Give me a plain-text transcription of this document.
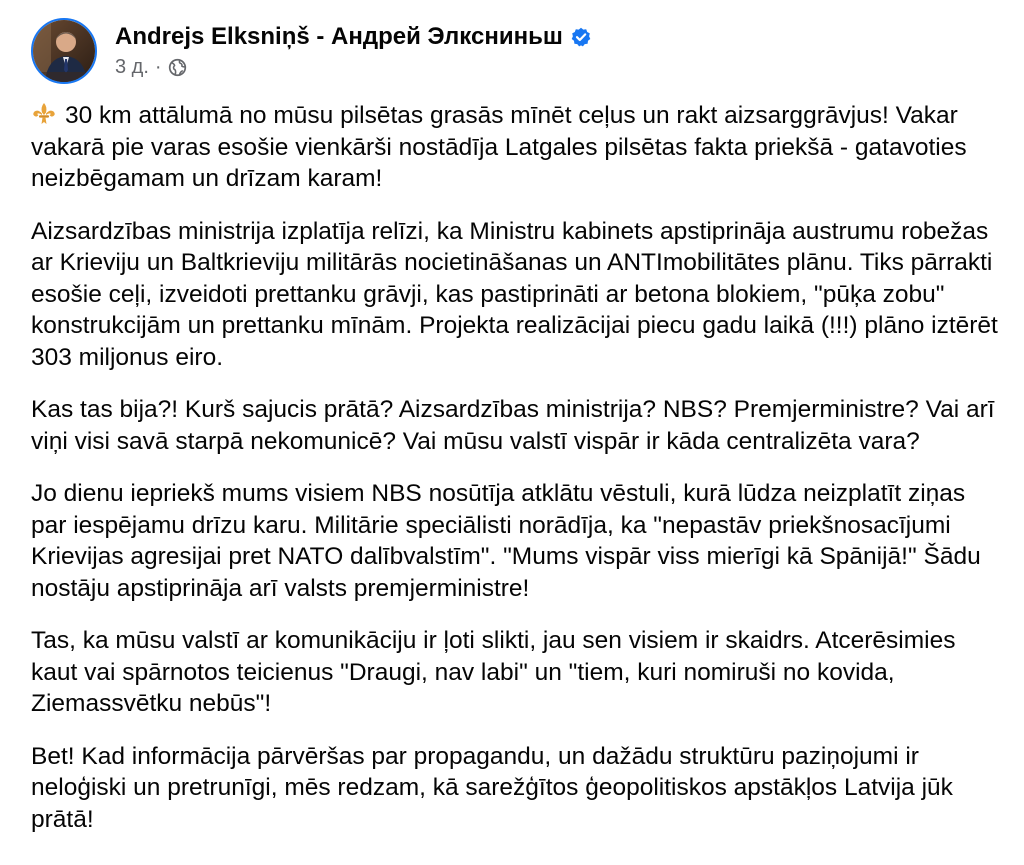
Andrejs Elksniņš - Андрей Элксниньш
3 д. ·

30 km attālumā no mūsu pilsētas grasās mīnēt ceļus un rakt aizsarggrāvjus! Vakar vakarā pie varas esošie vienkārši nostādīja Latgales pilsētas fakta priekšā - gatavoties neizbēgamam un drīzam karam!

Aizsardzības ministrija izplatīja relīzi, ka Ministru kabinets apstiprināja austrumu robežas ar Krieviju un Baltkrieviju militārās nocietināšanas un ANTImobilitātes plānu. Tiks pārrakti esošie ceļi, izveidoti prettanku grāvji, kas pastiprināti ar betona blokiem, "pūķa zobu" konstrukcijām un prettanku mīnām. Projekta realizācijai piecu gadu laikā (!!!) plāno iztērēt 303 miljonus eiro.

Kas tas bija?! Kurš sajucis prātā? Aizsardzības ministrija? NBS? Premjerministre? Vai arī viņi visi savā starpā nekomunicē? Vai mūsu valstī vispār ir kāda centralizēta vara?

Jo dienu iepriekš mums visiem NBS nosūtīja atklātu vēstuli, kurā lūdza neizplatīt ziņas par iespējamu drīzu karu. Militārie speciālisti norādīja, ka "nepastāv priekšnosacījumi Krievijas agresijai pret NATO dalībvalstīm". "Mums vispār viss mierīgi kā Spānijā!" Šādu nostāju apstiprināja arī valsts premjerministre!

Tas, ka mūsu valstī ar komunikāciju ir ļoti slikti, jau sen visiem ir skaidrs. Atcerēsimies kaut vai spārnotos teicienus "Draugi, nav labi" un "tiem, kuri nomiruši no kovida, Ziemassvētku nebūs"!

Bet! Kad informācija pārvēršas par propagandu, un dažādu struktūru paziņojumi ir neloģiski un pretrunīgi, mēs redzam, kā sarežģītos ģeopolitiskos apstākļos Latvija jūk prātā!
